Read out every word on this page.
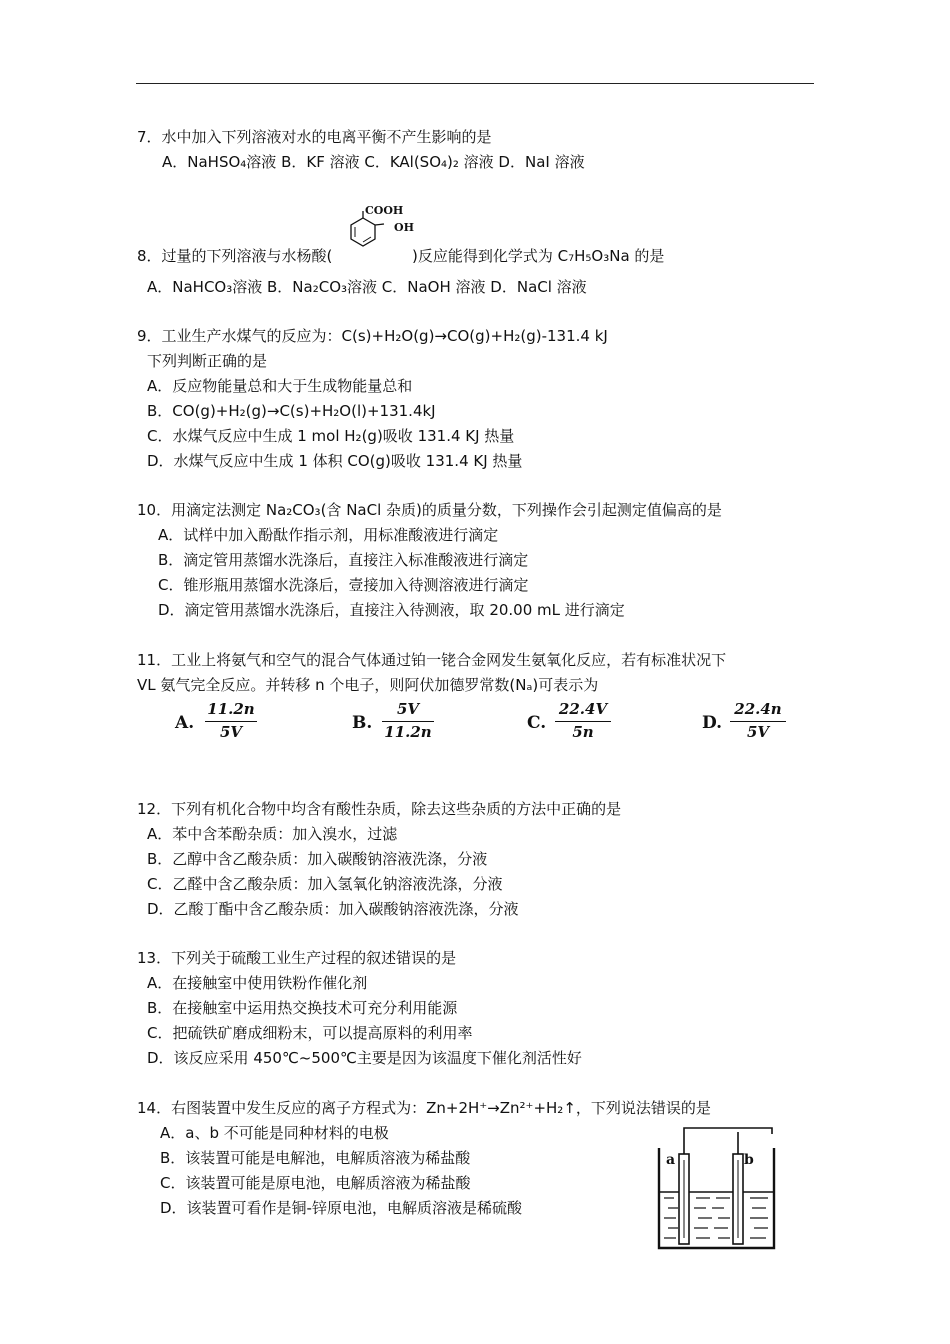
7．水中加入下列溶液对水的电离平衡不产生影响的是
A．NaHSO₄溶液 B．KF 溶液 C．KAl(SO₄)₂ 溶液 D．NaI 溶液
COOH
OH
8．过量的下列溶液与水杨酸(	)反应能得到化学式为 C₇H₅O₃Na 的是
A．NaHCO₃溶液 B．Na₂CO₃溶液 C．NaOH 溶液 D．NaCl 溶液
9．工业生产水煤气的反应为：C(s)+H₂O(g)→CO(g)+H₂(g)-131.4 kJ
下列判断正确的是
A．反应物能量总和大于生成物能量总和
B．CO(g)+H₂(g)→C(s)+H₂O(l)+131.4kJ
C．水煤气反应中生成 1 mol H₂(g)吸收 131.4 KJ 热量
D．水煤气反应中生成 1 体积 CO(g)吸收 131.4 KJ 热量
10．用滴定法测定 Na₂CO₃(含 NaCl 杂质)的质量分数，下列操作会引起测定值偏高的是
A．试样中加入酚酞作指示剂，用标准酸液进行滴定
B．滴定管用蒸馏水洗涤后，直接注入标准酸液进行滴定
C．锥形瓶用蒸馏水洗涤后，壹接加入待测溶液进行滴定
D．滴定管用蒸馏水洗涤后，直接注入待测液，取 20.00 mL 进行滴定
11．工业上将氨气和空气的混合气体通过铂一铑合金网发生氨氧化反应，若有标准状况下
VL 氨气完全反应。并转移 n 个电子，则阿伏加德罗常数(Nₐ)可表示为
A.
11.2n
5V	B.
5V
11.2n	C.
22.4V
5n	D.
22.4n
5V
12．下列有机化合物中均含有酸性杂质，除去这些杂质的方法中正确的是
A．苯中含苯酚杂质：加入溴水，过滤
B．乙醇中含乙酸杂质：加入碳酸钠溶液洗涤，分液
C．乙醛中含乙酸杂质：加入氢氧化钠溶液洗涤，分液
D．乙酸丁酯中含乙酸杂质：加入碳酸钠溶液洗涤，分液
13．下列关于硫酸工业生产过程的叙述错误的是
A．在接触室中使用铁粉作催化剂
B．在接触室中运用热交换技术可充分利用能源
C．把硫铁矿磨成细粉末，可以提高原料的利用率
D．该反应采用 450℃~500℃主要是因为该温度下催化剂活性好
14．右图装置中发生反应的离子方程式为：Zn+2H⁺→Zn²⁺+H₂↑，下列说法错误的是
A．a、b 不可能是同种材料的电极
B．该装置可能是电解池，电解质溶液为稀盐酸
C．该装置可能是原电池，电解质溶液为稀盐酸
D．该装置可看作是铜-锌原电池，电解质溶液是稀硫酸
a	b
